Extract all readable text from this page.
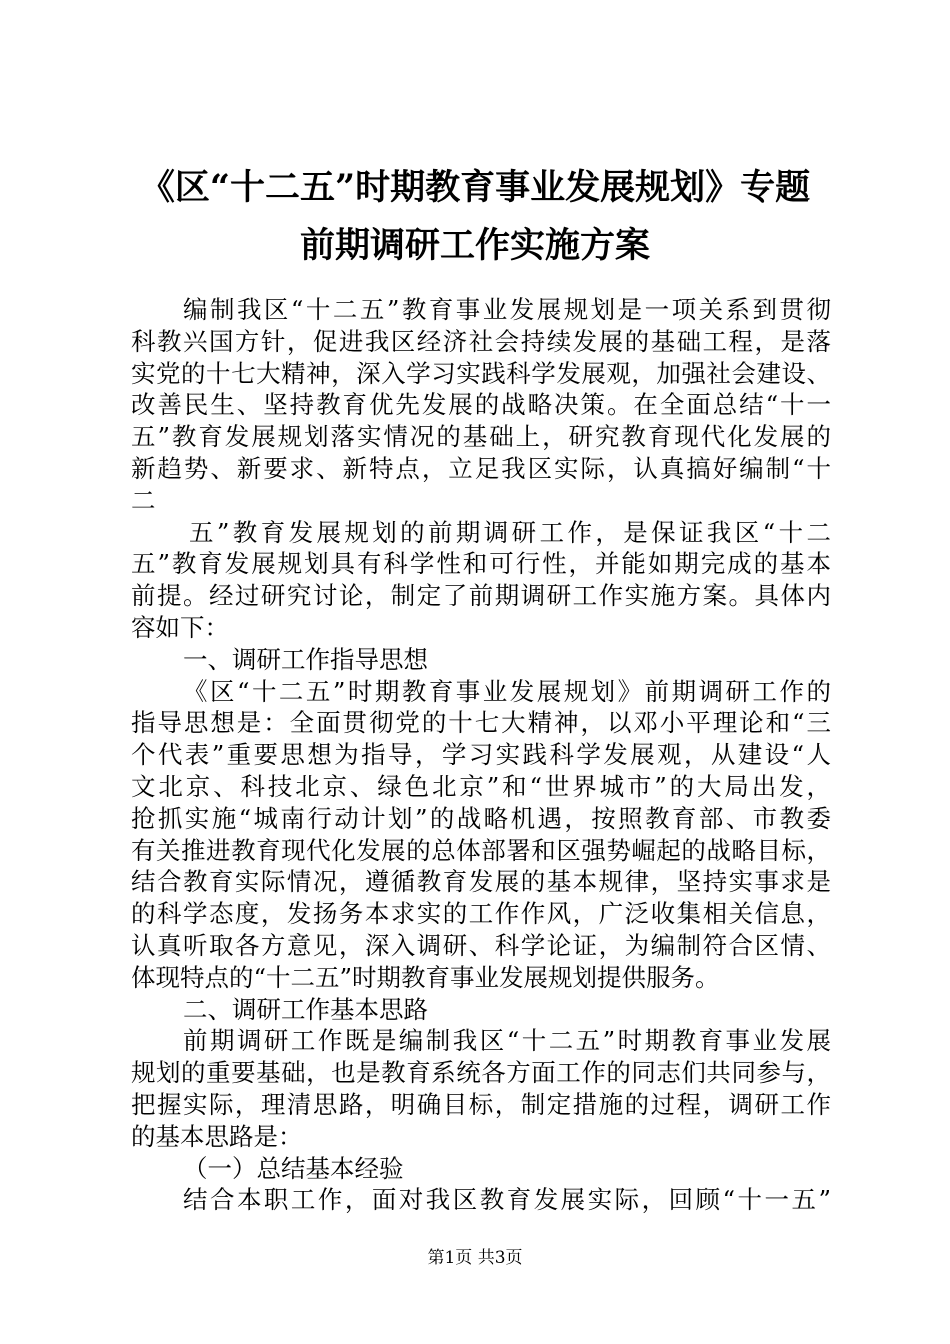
《区“十二五”时期教育事业发展规划》专题
前期调研工作实施方案
编制我区“十二五”教育事业发展规划是一项关系到贯彻
科教兴国方针，促进我区经济社会持续发展的基础工程，是落
实党的十七大精神，深入学习实践科学发展观，加强社会建设、
改善民生、坚持教育优先发展的战略决策。在全面总结“十一
五”教育发展规划落实情况的基础上，研究教育现代化发展的
新趋势、新要求、新特点，立足我区实际，认真搞好编制“十
二
五”教育发展规划的前期调研工作，是保证我区“十二
五”教育发展规划具有科学性和可行性，并能如期完成的基本
前提。经过研究讨论，制定了前期调研工作实施方案。具体内
容如下：
一、调研工作指导思想
《区“十二五”时期教育事业发展规划》前期调研工作的
指导思想是：全面贯彻党的十七大精神，以邓小平理论和“三
个代表”重要思想为指导，学习实践科学发展观，从建设“人
文北京、科技北京、绿色北京”和“世界城市”的大局出发，
抢抓实施“城南行动计划”的战略机遇，按照教育部、市教委
有关推进教育现代化发展的总体部署和区强势崛起的战略目标，
结合教育实际情况，遵循教育发展的基本规律，坚持实事求是
的科学态度，发扬务本求实的工作作风，广泛收集相关信息，
认真听取各方意见，深入调研、科学论证，为编制符合区情、
体现特点的“十二五”时期教育事业发展规划提供服务。
二、调研工作基本思路
前期调研工作既是编制我区“十二五”时期教育事业发展
规划的重要基础，也是教育系统各方面工作的同志们共同参与，
把握实际，理清思路，明确目标，制定措施的过程，调研工作
的基本思路是：
（一）总结基本经验
结合本职工作，面对我区教育发展实际，回顾“十一五”
第1页 共3页
